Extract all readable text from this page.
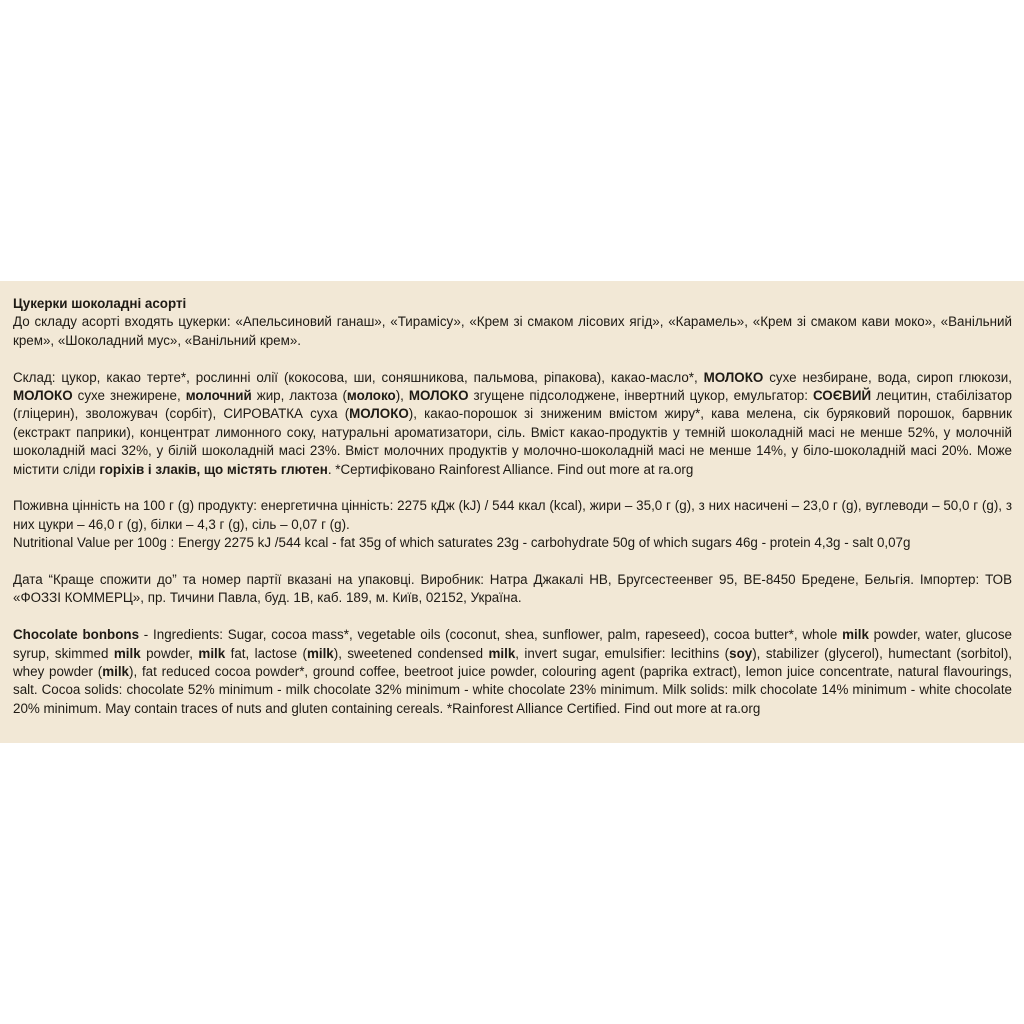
Цукерки шоколадні асорті

До складу асорті входять цукерки: «Апельсиновий ганаш», «Тирамісу», «Крем зі смаком лісових ягід», «Карамель», «Крем зі смаком кави моко», «Ванільний крем», «Шоколадний мус», «Ванільний крем».

Склад: цукор, какао терте*, рослинні олії (кокосова, ши, соняшникова, пальмова, ріпакова), какао-масло*, МОЛОКО сухе незбиране, вода, сироп глюкози, МОЛОКО сухе знежирене, молочний жир, лактоза (молоко), МОЛОКО згущене підсолоджене, інвертний цукор, емульгатор: СОЄВИЙ лецитин, стабілізатор (гліцерин), зволожувач (сорбіт), СИРОВАТКА суха (МОЛОКО), какао-порошок зі зниженим вмістом жиру*, кава мелена, сік буряковий порошок, барвник (екстракт паприки), концентрат лимонного соку, натуральні ароматизатори, сіль. Вміст какао-продуктів у темній шоколадній масі не менше 52%, у молочній шоколадній масі 32%, у білій шоколадній масі 23%. Вміст молочних продуктів у молочно-шоколадній масі не менше 14%, у біло-шоколадній масі 20%. Може містити сліди горіхів і злаків, що містять глютен. *Сертифіковано Rainforest Alliance. Find out more at ra.org

Поживна цінність на 100 г (g) продукту: енергетична цінність: 2275 кДж (kJ) / 544 ккал (kcal), жири – 35,0 г (g), з них насичені – 23,0 г (g), вуглеводи – 50,0 г (g), з них цукри – 46,0 г (g), білки – 4,3 г (g), сіль – 0,07 г (g).

Nutritional Value per 100g : Energy 2275 kJ /544 kcal - fat 35g of which saturates 23g - carbohydrate 50g of which sugars 46g - protein 4,3g - salt 0,07g

Дата “Краще спожити до” та номер партії вказані на упаковці. Виробник: Натра Джакалі НВ, Бругсестеенвег 95, BE-8450 Бредене, Бельгія. Імпортер: ТОВ «ФОЗЗІ КОММЕРЦ», пр. Тичини Павла, буд. 1В, каб. 189, м. Київ, 02152, Україна.

Chocolate bonbons - Ingredients: Sugar, cocoa mass*, vegetable oils (coconut, shea, sunflower, palm, rapeseed), cocoa butter*, whole milk powder, water, glucose syrup, skimmed milk powder, milk fat, lactose (milk), sweetened condensed milk, invert sugar, emulsifier: lecithins (soy), stabilizer (glycerol), humectant (sorbitol), whey powder (milk), fat reduced cocoa powder*, ground coffee, beetroot juice powder, colouring agent (paprika extract), lemon juice concentrate, natural flavourings, salt. Cocoa solids: chocolate 52% minimum - milk chocolate 32% minimum - white chocolate 23% minimum. Milk solids: milk chocolate 14% minimum - white chocolate 20% minimum. May contain traces of nuts and gluten containing cereals. *Rainforest Alliance Certified. Find out more at ra.org
